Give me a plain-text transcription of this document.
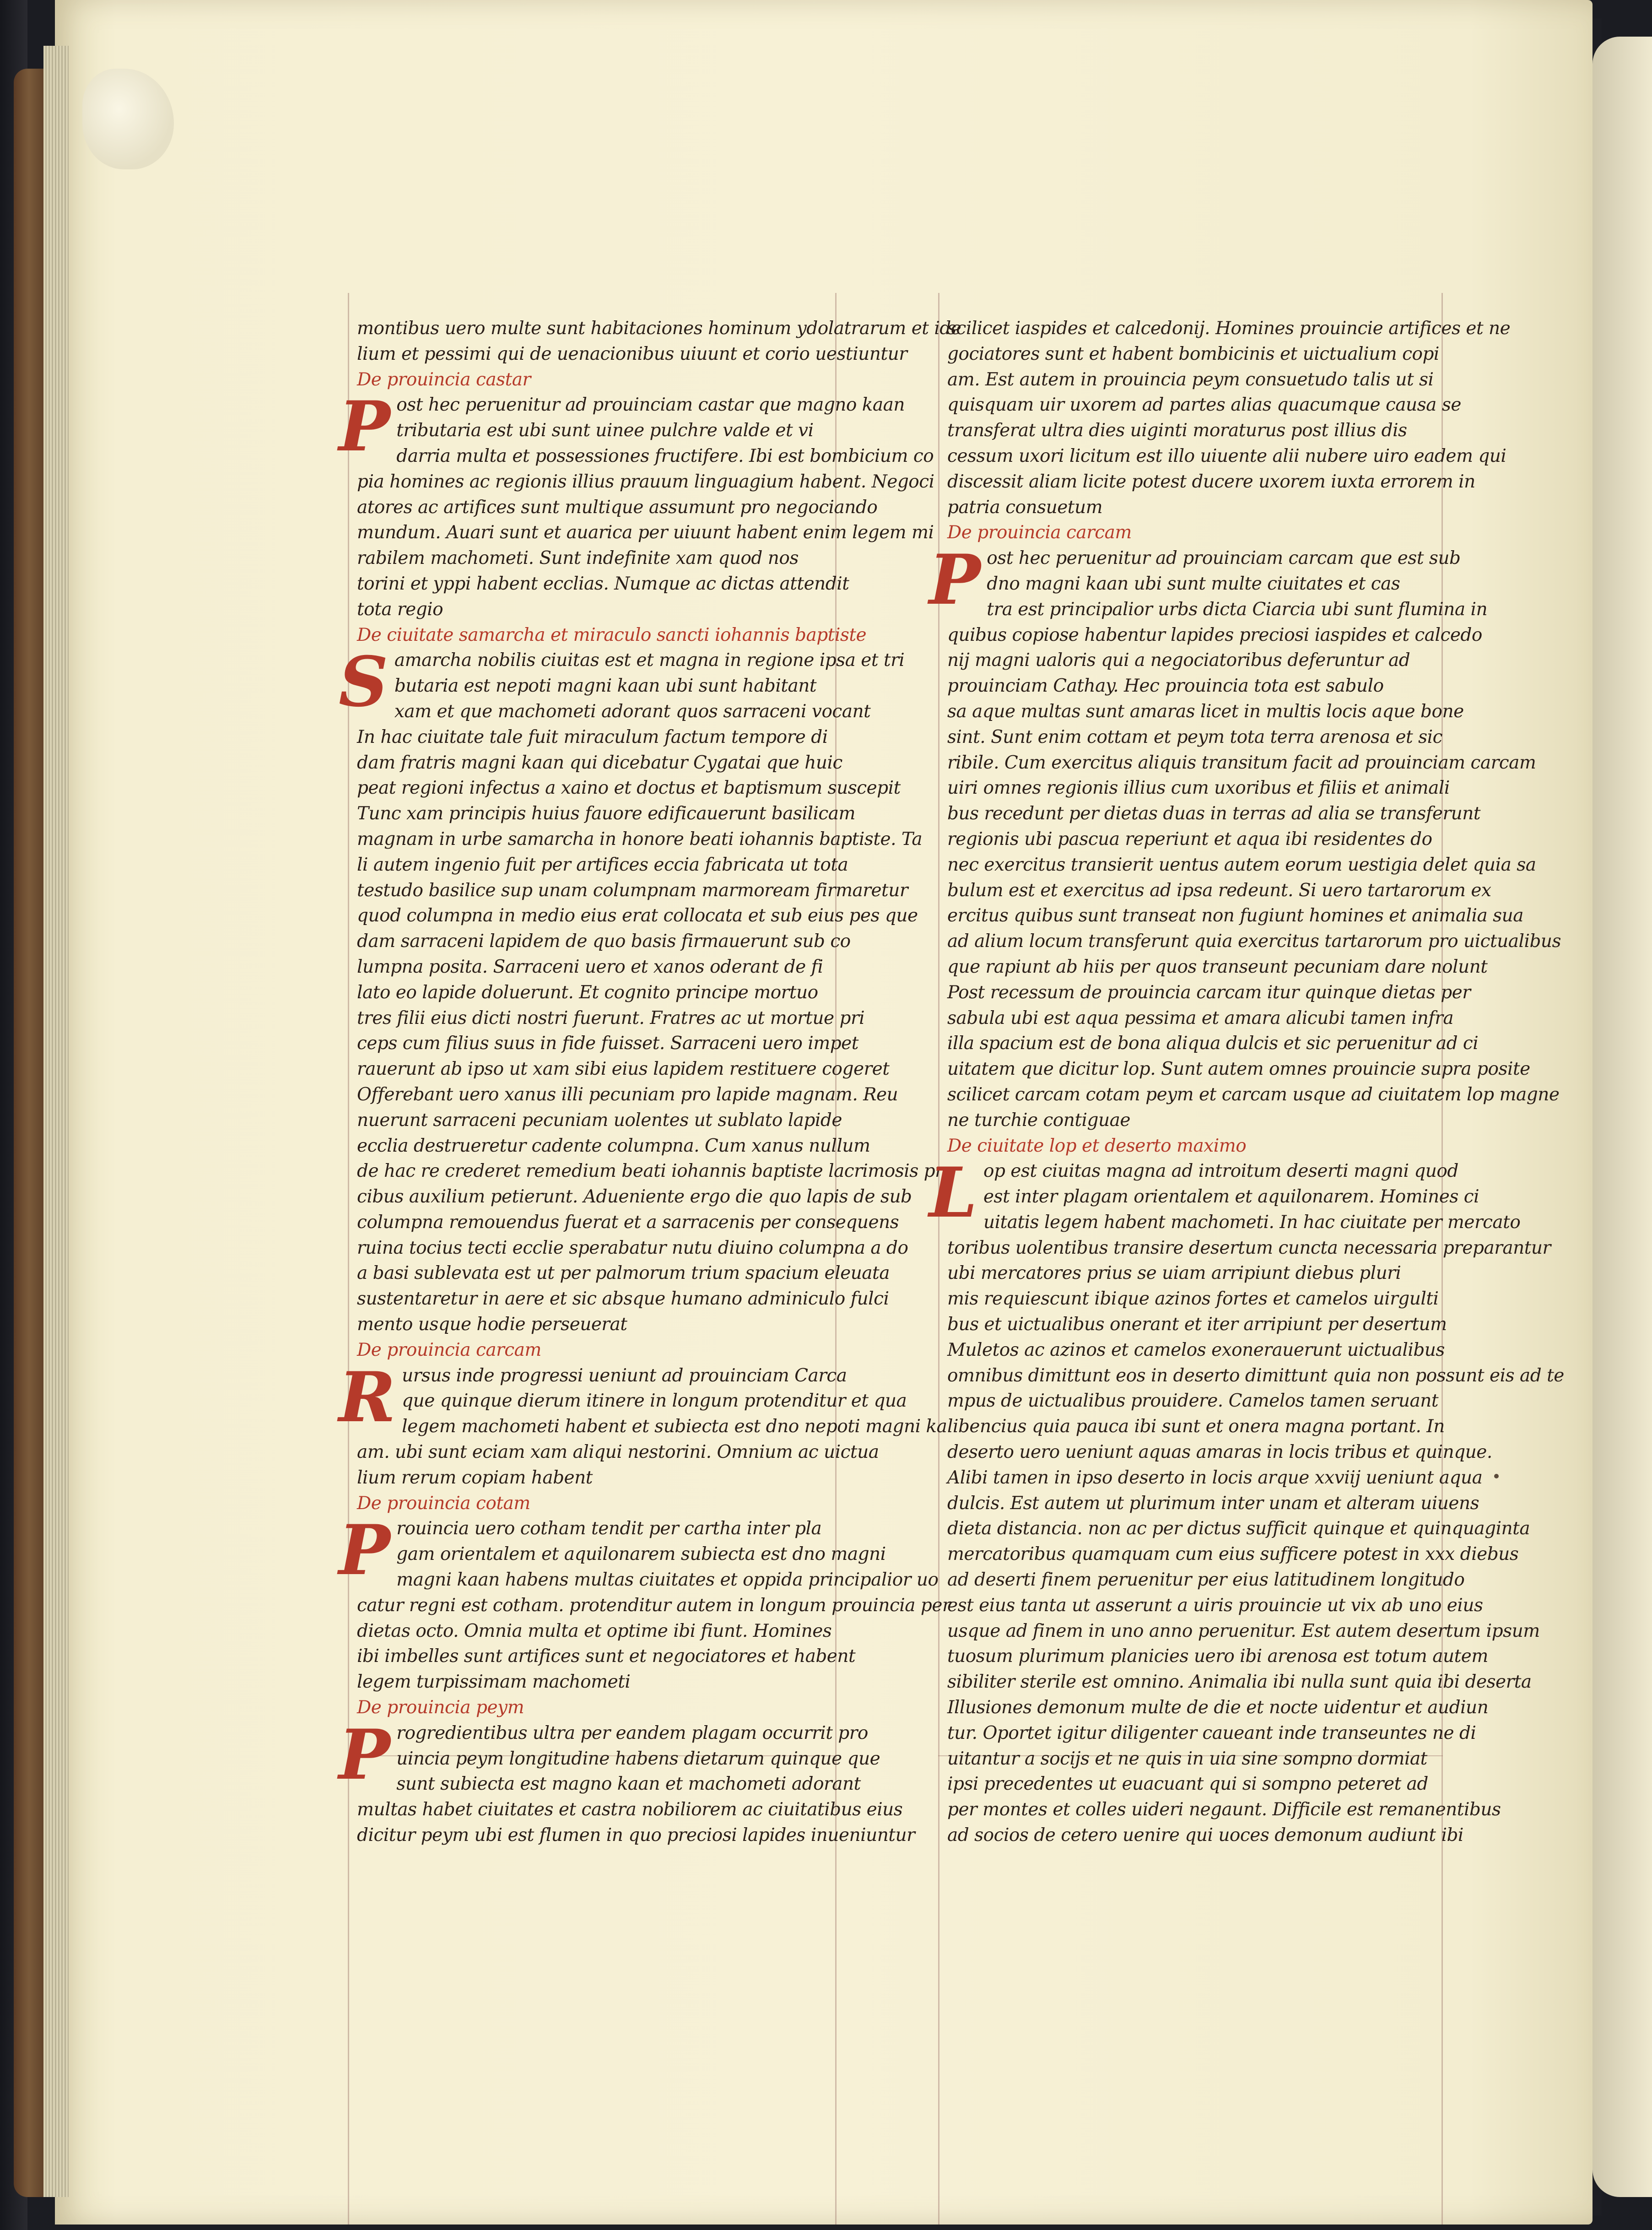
montibus uero multe sunt habitaciones hominum ydolatrarum et ide
lium et pessimi qui de uenacionibus uiuunt et corio uestiuntur
De prouincia castar
Post hec peruenitur ad prouinciam castar que magno kaan
tributaria est ubi sunt uinee pulchre valde et vi
darria multa et possessiones fructifere. Ibi est bombicium co
pia homines ac regionis illius prauum linguagium habent. Negoci
atores ac artifices sunt multique assumunt pro negociando
mundum. Auari sunt et auarica per uiuunt habent enim legem mi
rabilem machometi. Sunt indefinite xam quod nos
torini et yppi habent ecclias. Numque ac dictas attendit
tota regio
De ciuitate samarcha et miraculo sancti iohannis baptiste
Samarcha nobilis ciuitas est et magna in regione ipsa et tri
butaria est nepoti magni kaan ubi sunt habitant
xam et que machometi adorant quos sarraceni vocant
In hac ciuitate tale fuit miraculum factum tempore di
dam fratris magni kaan qui dicebatur Cygatai que huic
peat regioni infectus a xaino et doctus et baptismum suscepit
Tunc xam principis huius fauore edificauerunt basilicam
magnam in urbe samarcha in honore beati iohannis baptiste. Ta
li autem ingenio fuit per artifices eccia fabricata ut tota
testudo basilice sup unam columpnam marmoream firmaretur
quod columpna in medio eius erat collocata et sub eius pes que
dam sarraceni lapidem de quo basis firmauerunt sub co
lumpna posita. Sarraceni uero et xanos oderant de fi
lato eo lapide doluerunt. Et cognito principe mortuo
tres filii eius dicti nostri fuerunt. Fratres ac ut mortue pri
ceps cum filius suus in fide fuisset. Sarraceni uero impet
rauerunt ab ipso ut xam sibi eius lapidem restituere cogeret
Offerebant uero xanus illi pecuniam pro lapide magnam. Reu
nuerunt sarraceni pecuniam uolentes ut sublato lapide
ecclia destrueretur cadente columpna. Cum xanus nullum
de hac re crederet remedium beati iohannis baptiste lacrimosis pre
cibus auxilium petierunt. Adueniente ergo die quo lapis de sub
columpna remouendus fuerat et a sarracenis per consequens
ruina tocius tecti ecclie sperabatur nutu diuino columpna a do
a basi sublevata est ut per palmorum trium spacium eleuata
sustentaretur in aere et sic absque humano adminiculo fulci
mento usque hodie perseuerat
De prouincia carcam
Rursus inde progressi ueniunt ad prouinciam Carca
que quinque dierum itinere in longum protenditur et qua
legem machometi habent et subiecta est dno nepoti magni ka
am. ubi sunt eciam xam aliqui nestorini. Omnium ac uictua
lium rerum copiam habent
De prouincia cotam
Prouincia uero cotham tendit per cartha inter pla
gam orientalem et aquilonarem subiecta est dno magni
magni kaan habens multas ciuitates et oppida principalior uo
catur regni est cotham. protenditur autem in longum prouincia per
dietas octo. Omnia multa et optime ibi fiunt. Homines
ibi imbelles sunt artifices sunt et negociatores et habent
legem turpissimam machometi
De prouincia peym
Progredientibus ultra per eandem plagam occurrit pro
uincia peym longitudine habens dietarum quinque que
sunt subiecta est magno kaan et machometi adorant
multas habet ciuitates et castra nobiliorem ac ciuitatibus eius
dicitur peym ubi est flumen in quo preciosi lapides inueniuntur
scilicet iaspides et calcedonij. Homines prouincie artifices et ne
gociatores sunt et habent bombicinis et uictualium copi
am. Est autem in prouincia peym consuetudo talis ut si
quisquam uir uxorem ad partes alias quacumque causa se
transferat ultra dies uiginti moraturus post illius dis
cessum uxori licitum est illo uiuente alii nubere uiro eadem qui
discessit aliam licite potest ducere uxorem iuxta errorem in
patria consuetum
De prouincia carcam
Post hec peruenitur ad prouinciam carcam que est sub
dno magni kaan ubi sunt multe ciuitates et cas
tra est principalior urbs dicta Ciarcia ubi sunt flumina in
quibus copiose habentur lapides preciosi iaspides et calcedo
nij magni ualoris qui a negociatoribus deferuntur ad
prouinciam Cathay. Hec prouincia tota est sabulo
sa aque multas sunt amaras licet in multis locis aque bone
sint. Sunt enim cottam et peym tota terra arenosa et sic
ribile. Cum exercitus aliquis transitum facit ad prouinciam carcam
uiri omnes regionis illius cum uxoribus et filiis et animali
bus recedunt per dietas duas in terras ad alia se transferunt
regionis ubi pascua reperiunt et aqua ibi residentes do
nec exercitus transierit uentus autem eorum uestigia delet quia sa
bulum est et exercitus ad ipsa redeunt. Si uero tartarorum ex
ercitus quibus sunt transeat non fugiunt homines et animalia sua
ad alium locum transferunt quia exercitus tartarorum pro uictualibus
que rapiunt ab hiis per quos transeunt pecuniam dare nolunt
Post recessum de prouincia carcam itur quinque dietas per
sabula ubi est aqua pessima et amara alicubi tamen infra
illa spacium est de bona aliqua dulcis et sic peruenitur ad ci
uitatem que dicitur lop. Sunt autem omnes prouincie supra posite
scilicet carcam cotam peym et carcam usque ad ciuitatem lop magne
ne turchie contiguae
De ciuitate lop et deserto maximo
Lop est ciuitas magna ad introitum deserti magni quod
est inter plagam orientalem et aquilonarem. Homines ci
uitatis legem habent machometi. In hac ciuitate per mercato
toribus uolentibus transire desertum cuncta necessaria preparantur
ubi mercatores prius se uiam arripiunt diebus pluri
mis requiescunt ibique azinos fortes et camelos uirgulti
bus et uictualibus onerant et iter arripiunt per desertum
Muletos ac azinos et camelos exonerauerunt uictualibus
omnibus dimittunt eos in deserto dimittunt quia non possunt eis ad te
mpus de uictualibus prouidere. Camelos tamen seruant
libencius quia pauca ibi sunt et onera magna portant. In
deserto uero ueniunt aquas amaras in locis tribus et quinque.
Alibi tamen in ipso deserto in locis arque xxviij ueniunt aqua
dulcis. Est autem ut plurimum inter unam et alteram uiuens
dieta distancia. non ac per dictus sufficit quinque et quinquaginta
mercatoribus quamquam cum eius sufficere potest in xxx diebus
ad deserti finem peruenitur per eius latitudinem longitudo
est eius tanta ut asserunt a uiris prouincie ut vix ab uno eius
usque ad finem in uno anno peruenitur. Est autem desertum ipsum
tuosum plurimum planicies uero ibi arenosa est totum autem
sibiliter sterile est omnino. Animalia ibi nulla sunt quia ibi deserta
Illusiones demonum multe de die et nocte uidentur et audiun
tur. Oportet igitur diligenter caueant inde transeuntes ne di
uitantur a socijs et ne quis in uia sine sompno dormiat
ipsi precedentes ut euacuant qui si sompno peteret ad
per montes et colles uideri negaunt. Difficile est remanentibus
ad socios de cetero uenire qui uoces demonum audiunt ibi
